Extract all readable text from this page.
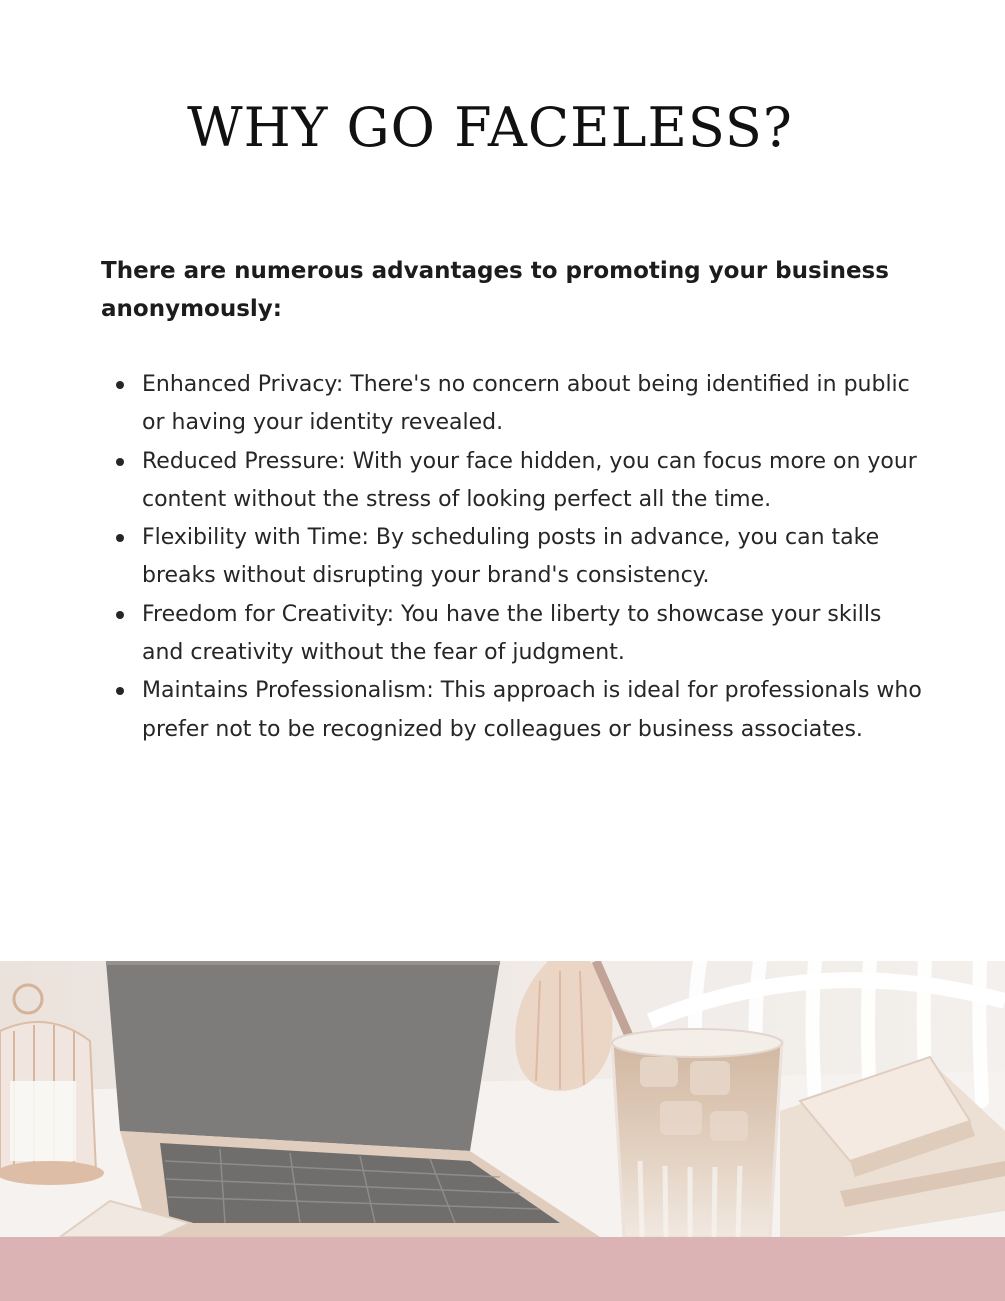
WHY GO FACELESS?

There are numerous advantages to promoting your business anonymously:

Enhanced Privacy: There's no concern about being identified in public or having your identity revealed.
Reduced Pressure: With your face hidden, you can focus more on your content without the stress of looking perfect all the time.
Flexibility with Time: By scheduling posts in advance, you can take breaks without disrupting your brand's consistency.
Freedom for Creativity: You have the liberty to showcase your skills and creativity without the fear of judgment.
Maintains Professionalism: This approach is ideal for professionals who prefer not to be recognized by colleagues or business associates.
